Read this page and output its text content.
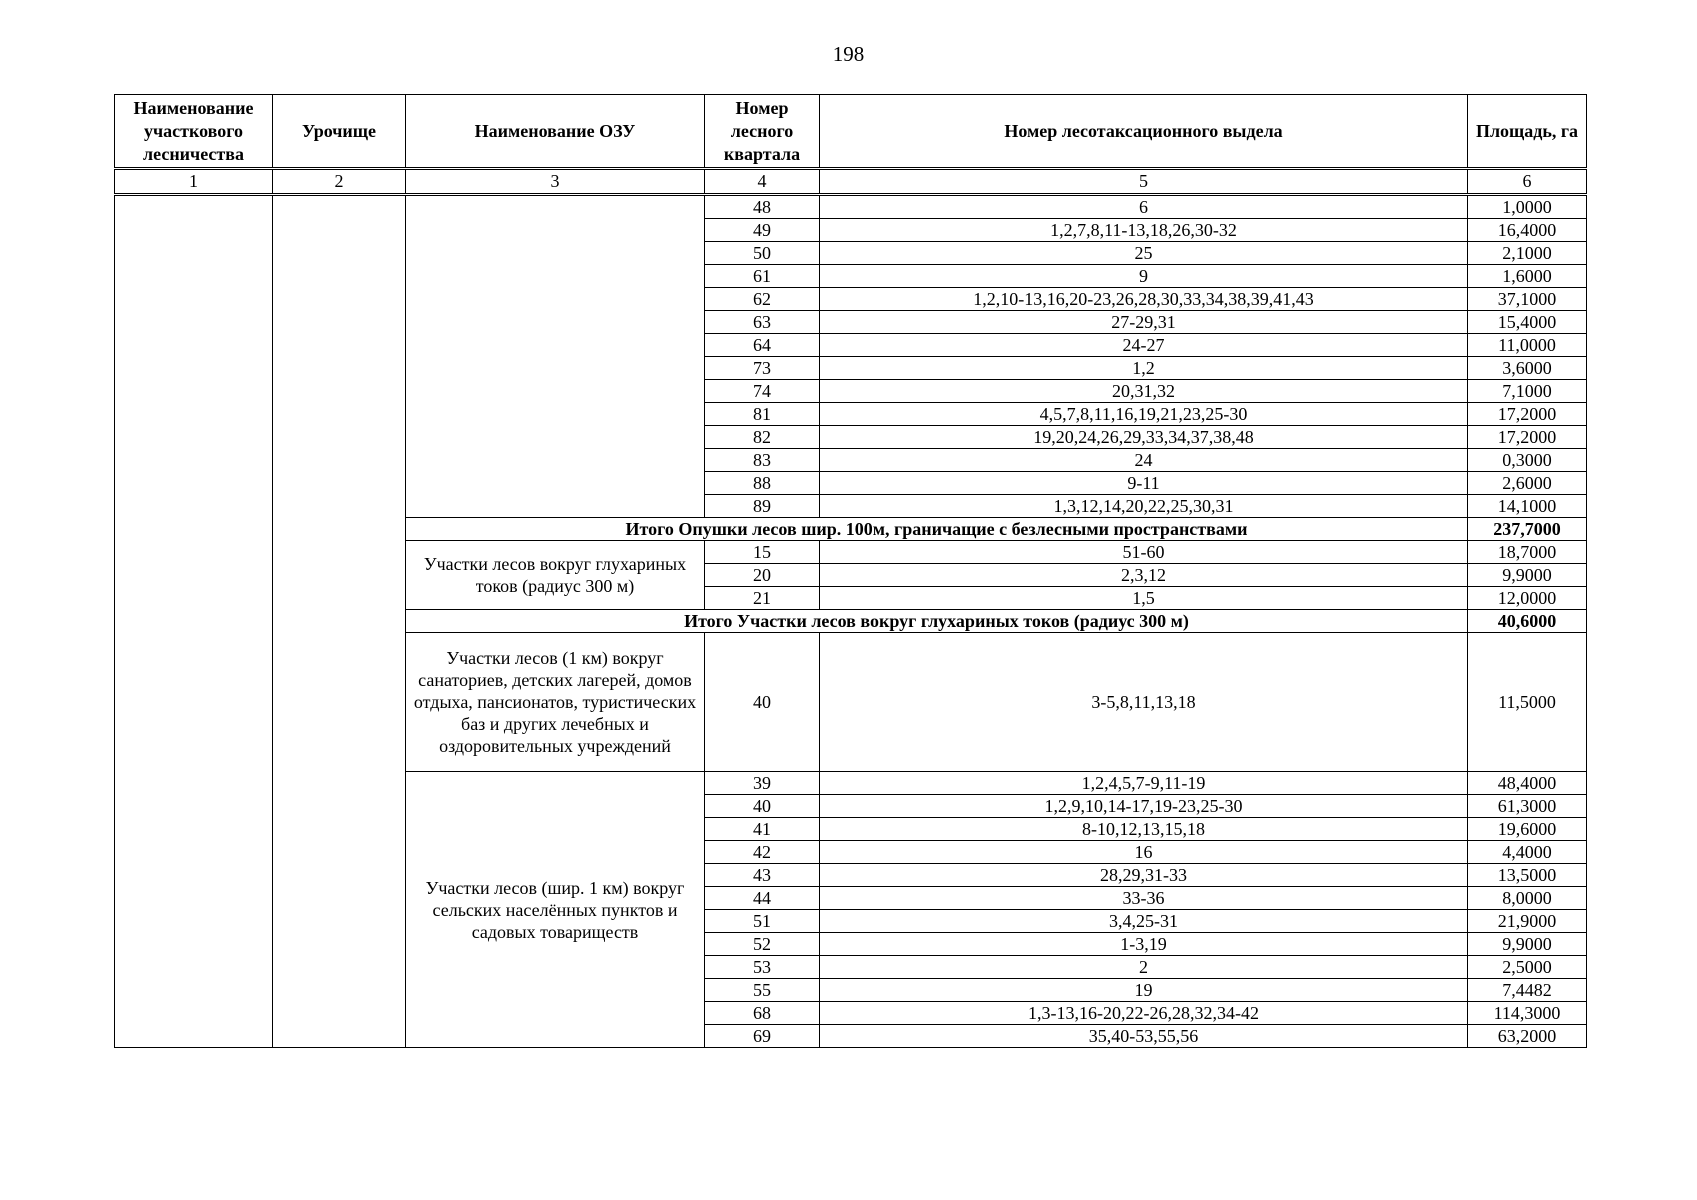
198
Наименование участкового лесничества	Урочище	Наименование ОЗУ	Номер лесного квартала	Номер лесотаксационного выдела	Площадь, га
1	2	3	4	5	6
			48	6	1,0000
			49	1,2,7,8,11-13,18,26,30-32	16,4000
			50	25	2,1000
			61	9	1,6000
			62	1,2,10-13,16,20-23,26,28,30,33,34,38,39,41,43	37,1000
			63	27-29,31	15,4000
			64	24-27	11,0000
			73	1,2	3,6000
			74	20,31,32	7,1000
			81	4,5,7,8,11,16,19,21,23,25-30	17,2000
			82	19,20,24,26,29,33,34,37,38,48	17,2000
			83	24	0,3000
			88	9-11	2,6000
			89	1,3,12,14,20,22,25,30,31	14,1000
		Итого Опушки лесов шир. 100м, граничащие с безлесными пространствами			237,7000
		Участки лесов вокруг глухариных токов (радиус 300 м)	15	51-60	18,7000
			20	2,3,12	9,9000
			21	1,5	12,0000
		Итого Участки лесов вокруг глухариных токов (радиус 300 м)			40,6000
		Участки лесов (1 км) вокруг санаториев, детских лагерей, домов отдыха, пансионатов, туристических баз и других лечебных и оздоровительных учреждений	40	3-5,8,11,13,18	11,5000
		Участки лесов (шир. 1 км) вокруг сельских населённых пунктов и садовых товариществ	39	1,2,4,5,7-9,11-19	48,4000
			40	1,2,9,10,14-17,19-23,25-30	61,3000
			41	8-10,12,13,15,18	19,6000
			42	16	4,4000
			43	28,29,31-33	13,5000
			44	33-36	8,0000
			51	3,4,25-31	21,9000
			52	1-3,19	9,9000
			53	2	2,5000
			55	19	7,4482
			68	1,3-13,16-20,22-26,28,32,34-42	114,3000
			69	35,40-53,55,56	63,2000
